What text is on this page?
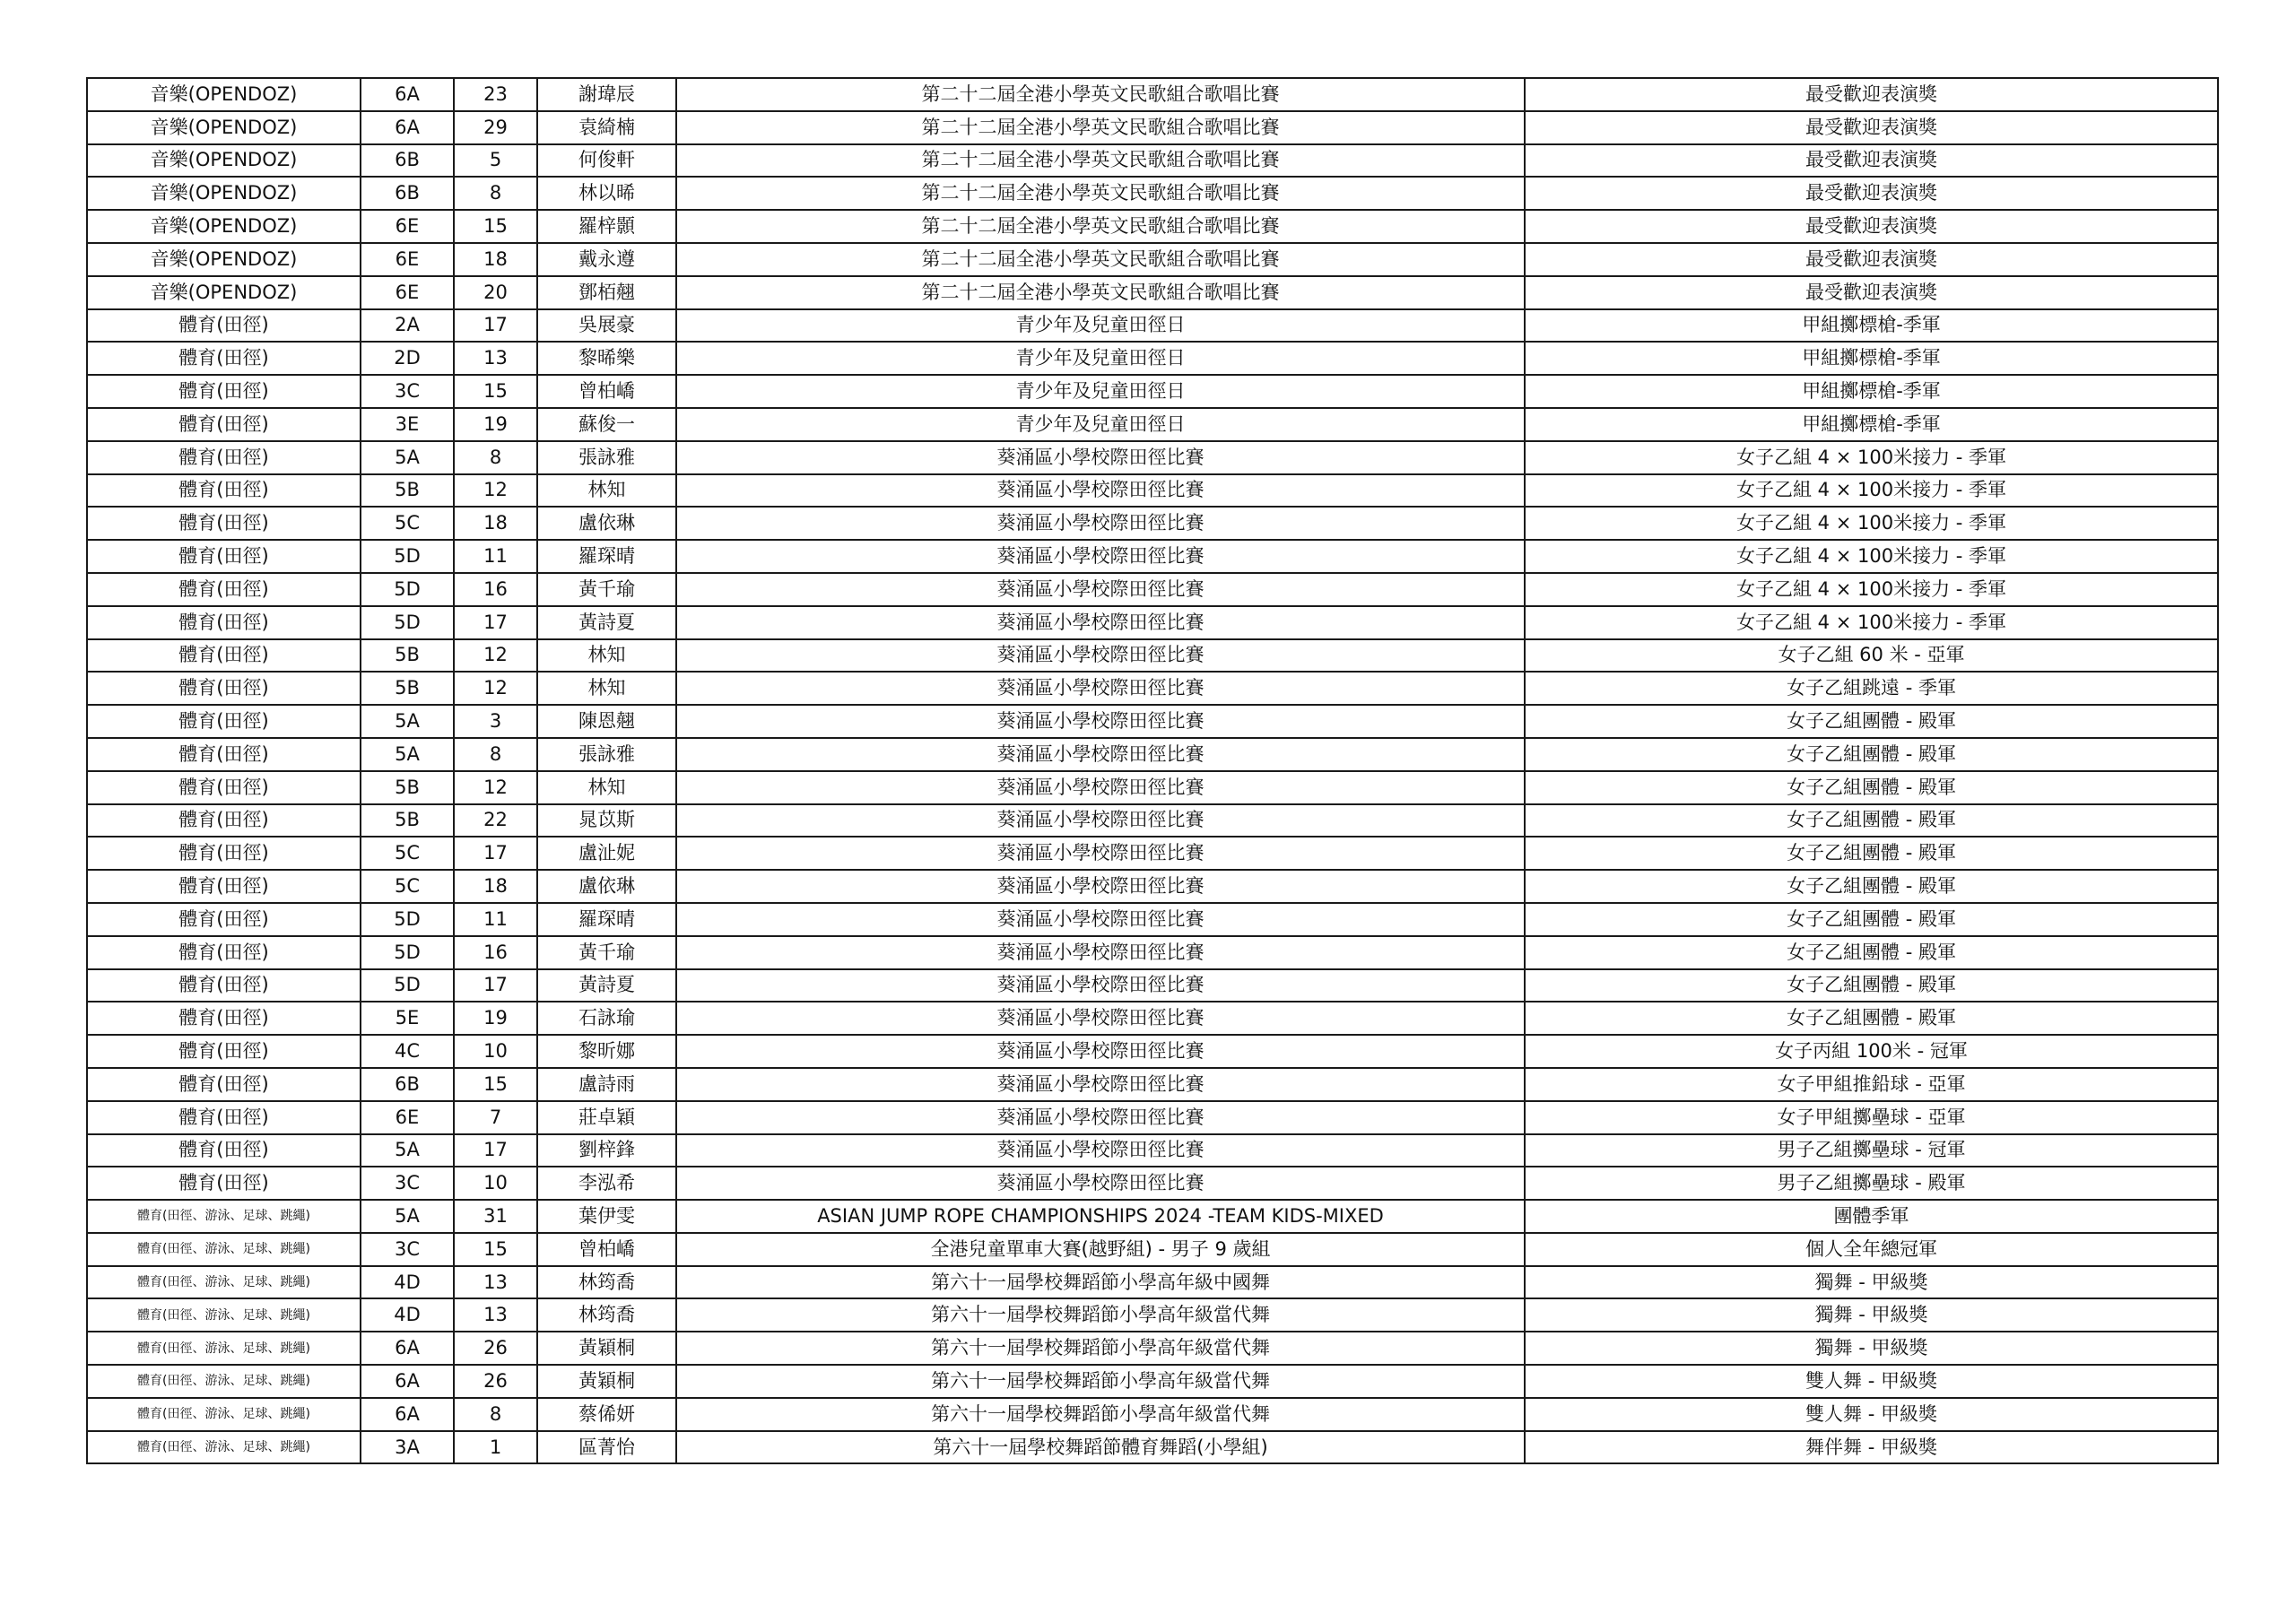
音樂(OPENDOZ)	6A	23	謝瑋辰	第二十二屆全港小學英文民歌組合歌唱比賽	最受歡迎表演獎
音樂(OPENDOZ)	6A	29	袁綺楠	第二十二屆全港小學英文民歌組合歌唱比賽	最受歡迎表演獎
音樂(OPENDOZ)	6B	5	何俊軒	第二十二屆全港小學英文民歌組合歌唱比賽	最受歡迎表演獎
音樂(OPENDOZ)	6B	8	林以晞	第二十二屆全港小學英文民歌組合歌唱比賽	最受歡迎表演獎
音樂(OPENDOZ)	6E	15	羅梓顥	第二十二屆全港小學英文民歌組合歌唱比賽	最受歡迎表演獎
音樂(OPENDOZ)	6E	18	戴永遵	第二十二屆全港小學英文民歌組合歌唱比賽	最受歡迎表演獎
音樂(OPENDOZ)	6E	20	鄧栢翹	第二十二屆全港小學英文民歌組合歌唱比賽	最受歡迎表演獎
體育(田徑)	2A	17	吳展豪	青少年及兒童田徑日	甲組擲標槍-季軍
體育(田徑)	2D	13	黎晞樂	青少年及兒童田徑日	甲組擲標槍-季軍
體育(田徑)	3C	15	曾柏嶠	青少年及兒童田徑日	甲組擲標槍-季軍
體育(田徑)	3E	19	蘇俊一	青少年及兒童田徑日	甲組擲標槍-季軍
體育(田徑)	5A	8	張詠雅	葵涌區小學校際田徑比賽	女子乙組 4 × 100米接力 - 季軍
體育(田徑)	5B	12	林知	葵涌區小學校際田徑比賽	女子乙組 4 × 100米接力 - 季軍
體育(田徑)	5C	18	盧依琳	葵涌區小學校際田徑比賽	女子乙組 4 × 100米接力 - 季軍
體育(田徑)	5D	11	羅琛晴	葵涌區小學校際田徑比賽	女子乙組 4 × 100米接力 - 季軍
體育(田徑)	5D	16	黃千瑜	葵涌區小學校際田徑比賽	女子乙組 4 × 100米接力 - 季軍
體育(田徑)	5D	17	黃詩夏	葵涌區小學校際田徑比賽	女子乙組 4 × 100米接力 - 季軍
體育(田徑)	5B	12	林知	葵涌區小學校際田徑比賽	女子乙組 60 米 - 亞軍
體育(田徑)	5B	12	林知	葵涌區小學校際田徑比賽	女子乙組跳遠 - 季軍
體育(田徑)	5A	3	陳恩翹	葵涌區小學校際田徑比賽	女子乙組團體 - 殿軍
體育(田徑)	5A	8	張詠雅	葵涌區小學校際田徑比賽	女子乙組團體 - 殿軍
體育(田徑)	5B	12	林知	葵涌區小學校際田徑比賽	女子乙組團體 - 殿軍
體育(田徑)	5B	22	晁苡斯	葵涌區小學校際田徑比賽	女子乙組團體 - 殿軍
體育(田徑)	5C	17	盧沚妮	葵涌區小學校際田徑比賽	女子乙組團體 - 殿軍
體育(田徑)	5C	18	盧依琳	葵涌區小學校際田徑比賽	女子乙組團體 - 殿軍
體育(田徑)	5D	11	羅琛晴	葵涌區小學校際田徑比賽	女子乙組團體 - 殿軍
體育(田徑)	5D	16	黃千瑜	葵涌區小學校際田徑比賽	女子乙組團體 - 殿軍
體育(田徑)	5D	17	黃詩夏	葵涌區小學校際田徑比賽	女子乙組團體 - 殿軍
體育(田徑)	5E	19	石詠瑜	葵涌區小學校際田徑比賽	女子乙組團體 - 殿軍
體育(田徑)	4C	10	黎昕娜	葵涌區小學校際田徑比賽	女子丙組 100米 - 冠軍
體育(田徑)	6B	15	盧詩雨	葵涌區小學校際田徑比賽	女子甲組推鉛球 - 亞軍
體育(田徑)	6E	7	莊卓穎	葵涌區小學校際田徑比賽	女子甲組擲壘球 - 亞軍
體育(田徑)	5A	17	劉梓鋒	葵涌區小學校際田徑比賽	男子乙組擲壘球 - 冠軍
體育(田徑)	3C	10	李泓希	葵涌區小學校際田徑比賽	男子乙組擲壘球 - 殿軍
體育(田徑、游泳、足球、跳繩)	5A	31	葉伊雯	ASIAN JUMP ROPE CHAMPIONSHIPS 2024 -TEAM KIDS-MIXED	團體季軍
體育(田徑、游泳、足球、跳繩)	3C	15	曾柏嶠	全港兒童單車大賽(越野組) - 男子 9 歲組	個人全年總冠軍
體育(田徑、游泳、足球、跳繩)	4D	13	林筠喬	第六十一屆學校舞蹈節小學高年級中國舞	獨舞 - 甲級獎
體育(田徑、游泳、足球、跳繩)	4D	13	林筠喬	第六十一屆學校舞蹈節小學高年級當代舞	獨舞 - 甲級獎
體育(田徑、游泳、足球、跳繩)	6A	26	黃穎桐	第六十一屆學校舞蹈節小學高年級當代舞	獨舞 - 甲級獎
體育(田徑、游泳、足球、跳繩)	6A	26	黃穎桐	第六十一屆學校舞蹈節小學高年級當代舞	雙人舞 - 甲級獎
體育(田徑、游泳、足球、跳繩)	6A	8	蔡俙妍	第六十一屆學校舞蹈節小學高年級當代舞	雙人舞 - 甲級獎
體育(田徑、游泳、足球、跳繩)	3A	1	區菁怡	第六十一屆學校舞蹈節體育舞蹈(小學組)	舞伴舞 - 甲級獎
